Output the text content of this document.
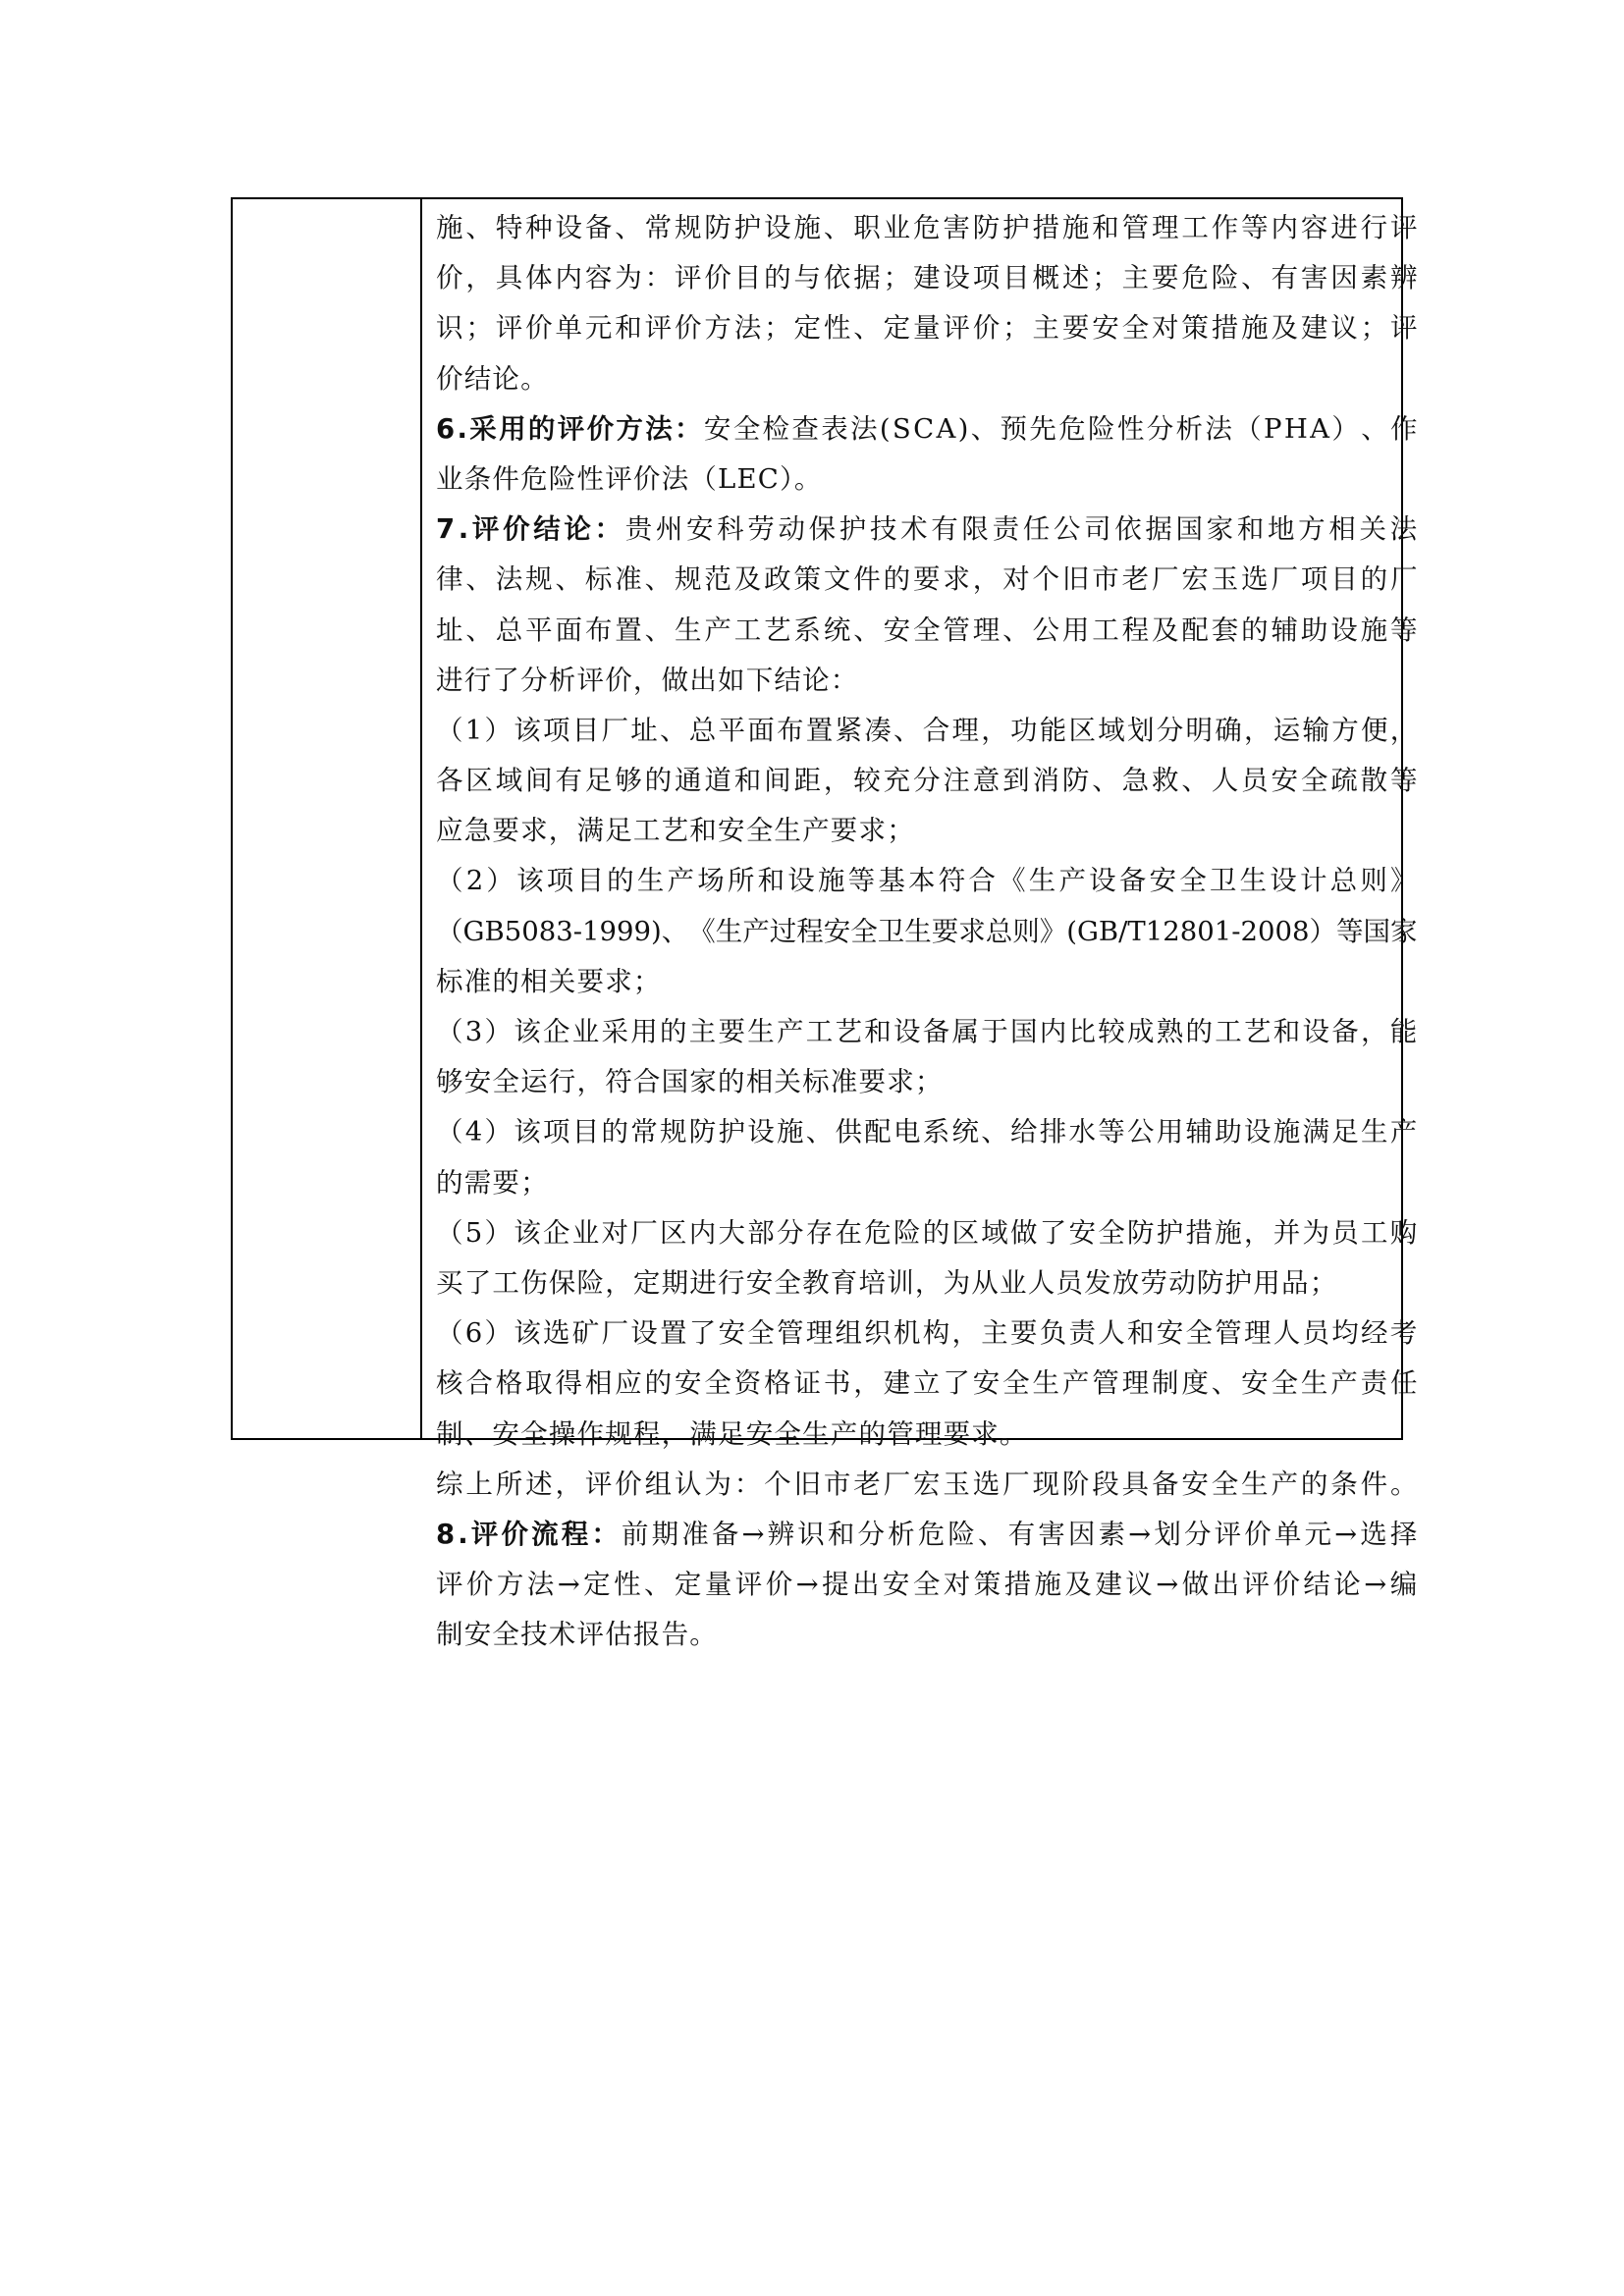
施 、 特 种 设 备 、 常 规 防 护 设 施 、 职 业 危 害 防 护 措 施 和 管 理 工 作 等 内 容 进 行 评
价 ， 具 体 内 容 为 ： 评 价 目 的 与 依 据 ； 建 设 项 目 概 述 ； 主 要 危 险 、 有 害 因 素 辨
识 ； 评 价 单 元 和 评 价 方 法 ； 定 性 、 定 量 评 价 ； 主 要 安 全 对 策 措 施 及 建 议 ； 评
价结论。
6 . 采 用 的 评 价 方 法 ： 安 全 检 查 表 法 ( S C A ) 、 预 先 危 险 性 分 析 法 （ P H A ） 、 作
业条件危险性评价法（LEC）。
7 . 评 价 结 论 ： 贵 州 安 科 劳 动 保 护 技 术 有 限 责 任 公 司 依 据 国 家 和 地 方 相 关 法
律 、 法 规 、 标 准 、 规 范 及 政 策 文 件 的 要 求 ， 对 个 旧 市 老 厂 宏 玉 选 厂 项 目 的 厂
址 、 总 平 面 布 置 、 生 产 工 艺 系 统 、 安 全 管 理 、 公 用 工 程 及 配 套 的 辅 助 设 施 等
进行了分析评价，做出如下结论：
（ 1 ） 该 项 目 厂 址 、 总 平 面 布 置 紧 凑 、 合 理 ， 功 能 区 域 划 分 明 确 ， 运 输 方 便 ，
各 区 域 间 有 足 够 的 通 道 和 间 距 ， 较 充 分 注 意 到 消 防 、 急 救 、 人 员 安 全 疏 散 等
应急要求，满足工艺和安全生产要求；
（ 2 ） 该 项 目 的 生 产 场 所 和 设 施 等 基 本 符 合 《 生 产 设 备 安 全 卫 生 设 计 总 则 》
（ G B 5 0 8 3 - 1 9 9 9 ) 、 《 生 产 过 程 安 全 卫 生 要 求 总 则 》 ( G B / T 1 2 8 0 1 - 2 0 0 8 ） 等 国 家
标准的相关要求；
（ 3 ） 该 企 业 采 用 的 主 要 生 产 工 艺 和 设 备 属 于 国 内 比 较 成 熟 的 工 艺 和 设 备 ， 能
够安全运行，符合国家的相关标准要求；
（ 4 ） 该 项 目 的 常 规 防 护 设 施 、 供 配 电 系 统 、 给 排 水 等 公 用 辅 助 设 施 满 足 生 产
的需要；
（ 5 ） 该 企 业 对 厂 区 内 大 部 分 存 在 危 险 的 区 域 做 了 安 全 防 护 措 施 ， 并 为 员 工 购
买了工伤保险，定期进行安全教育培训，为从业人员发放劳动防护用品；
（ 6 ） 该 选 矿 厂 设 置 了 安 全 管 理 组 织 机 构 ， 主 要 负 责 人 和 安 全 管 理 人 员 均 经 考
核 合 格 取 得 相 应 的 安 全 资 格 证 书 ， 建 立 了 安 全 生 产 管 理 制 度 、 安 全 生 产 责 任
制、安全操作规程，满足安全生产的管理要求。
综 上 所 述 ， 评 价 组 认 为 ： 个 旧 市 老 厂 宏 玉 选 厂 现 阶 段 具 备 安 全 生 产 的 条 件 。
8 . 评 价 流 程 ： 前 期 准 备 → 辨 识 和 分 析 危 险 、 有 害 因 素 → 划 分 评 价 单 元 → 选 择
评 价 方 法 → 定 性 、 定 量 评 价 → 提 出 安 全 对 策 措 施 及 建 议 → 做 出 评 价 结 论 → 编
制安全技术评估报告。
